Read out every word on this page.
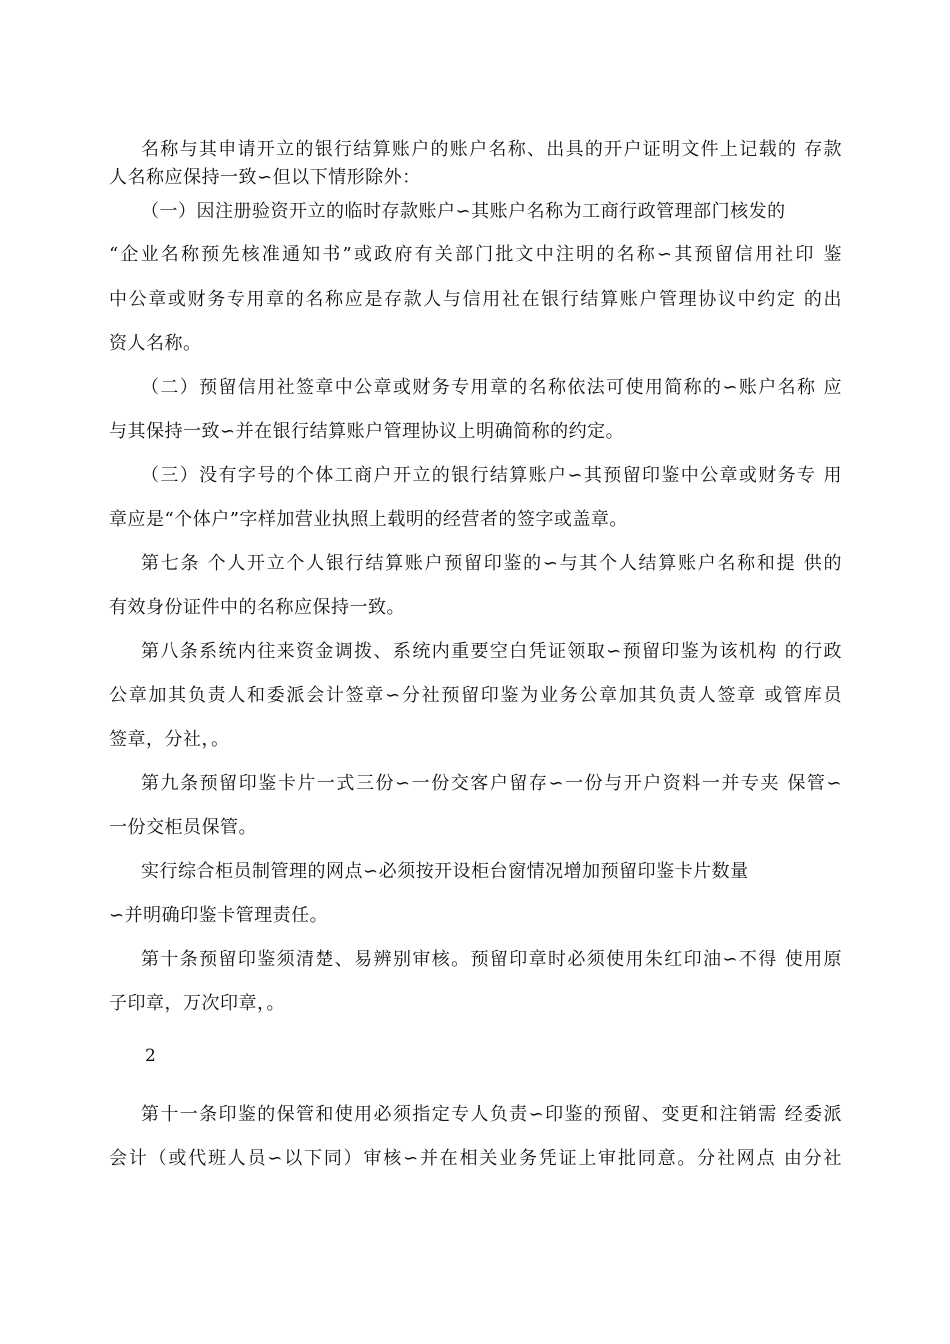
名称与其申请开立的银行结算账户的账户名称、出具的开户证明文件上记载的 存款
人名称应保持一致∽但以下情形除外：
（一）因注册验资开立的临时存款账户∽其账户名称为工商行政管理部门核发的
“企业名称预先核准通知书”或政府有关部门批文中注明的名称∽其预留信用社印 鉴
中公章或财务专用章的名称应是存款人与信用社在银行结算账户管理协议中约定 的出
资人名称。
（二）预留信用社签章中公章或财务专用章的名称依法可使用简称的∽账户名称 应
与其保持一致∽并在银行结算账户管理协议上明确简称的约定。
（三）没有字号的个体工商户开立的银行结算账户∽其预留印鉴中公章或财务专 用
章应是“个体户”字样加营业执照上载明的经营者的签字或盖章。
第七条 个人开立个人银行结算账户预留印鉴的∽与其个人结算账户名称和提 供的
有效身份证件中的名称应保持一致。
第八条系统内往来资金调拨、系统内重要空白凭证领取∽预留印鉴为该机构 的行政
公章加其负责人和委派会计签章∽分社预留印鉴为业务公章加其负责人签章 或管库员
签章，分社，。
第九条预留印鉴卡片一式三份∽一份交客户留存∽一份与开户资料一并专夹 保管∽
一份交柜员保管。
实行综合柜员制管理的网点∽必须按开设柜台窗情况增加预留印鉴卡片数量
∽并明确印鉴卡管理责任。
第十条预留印鉴须清楚、易辨别审核。预留印章时必须使用朱红印油∽不得 使用原
子印章，万次印章，。
2
第十一条印鉴的保管和使用必须指定专人负责∽印鉴的预留、变更和注销需 经委派
会计（或代班人员∽以下同）审核∽并在相关业务凭证上审批同意。分社网点 由分社
